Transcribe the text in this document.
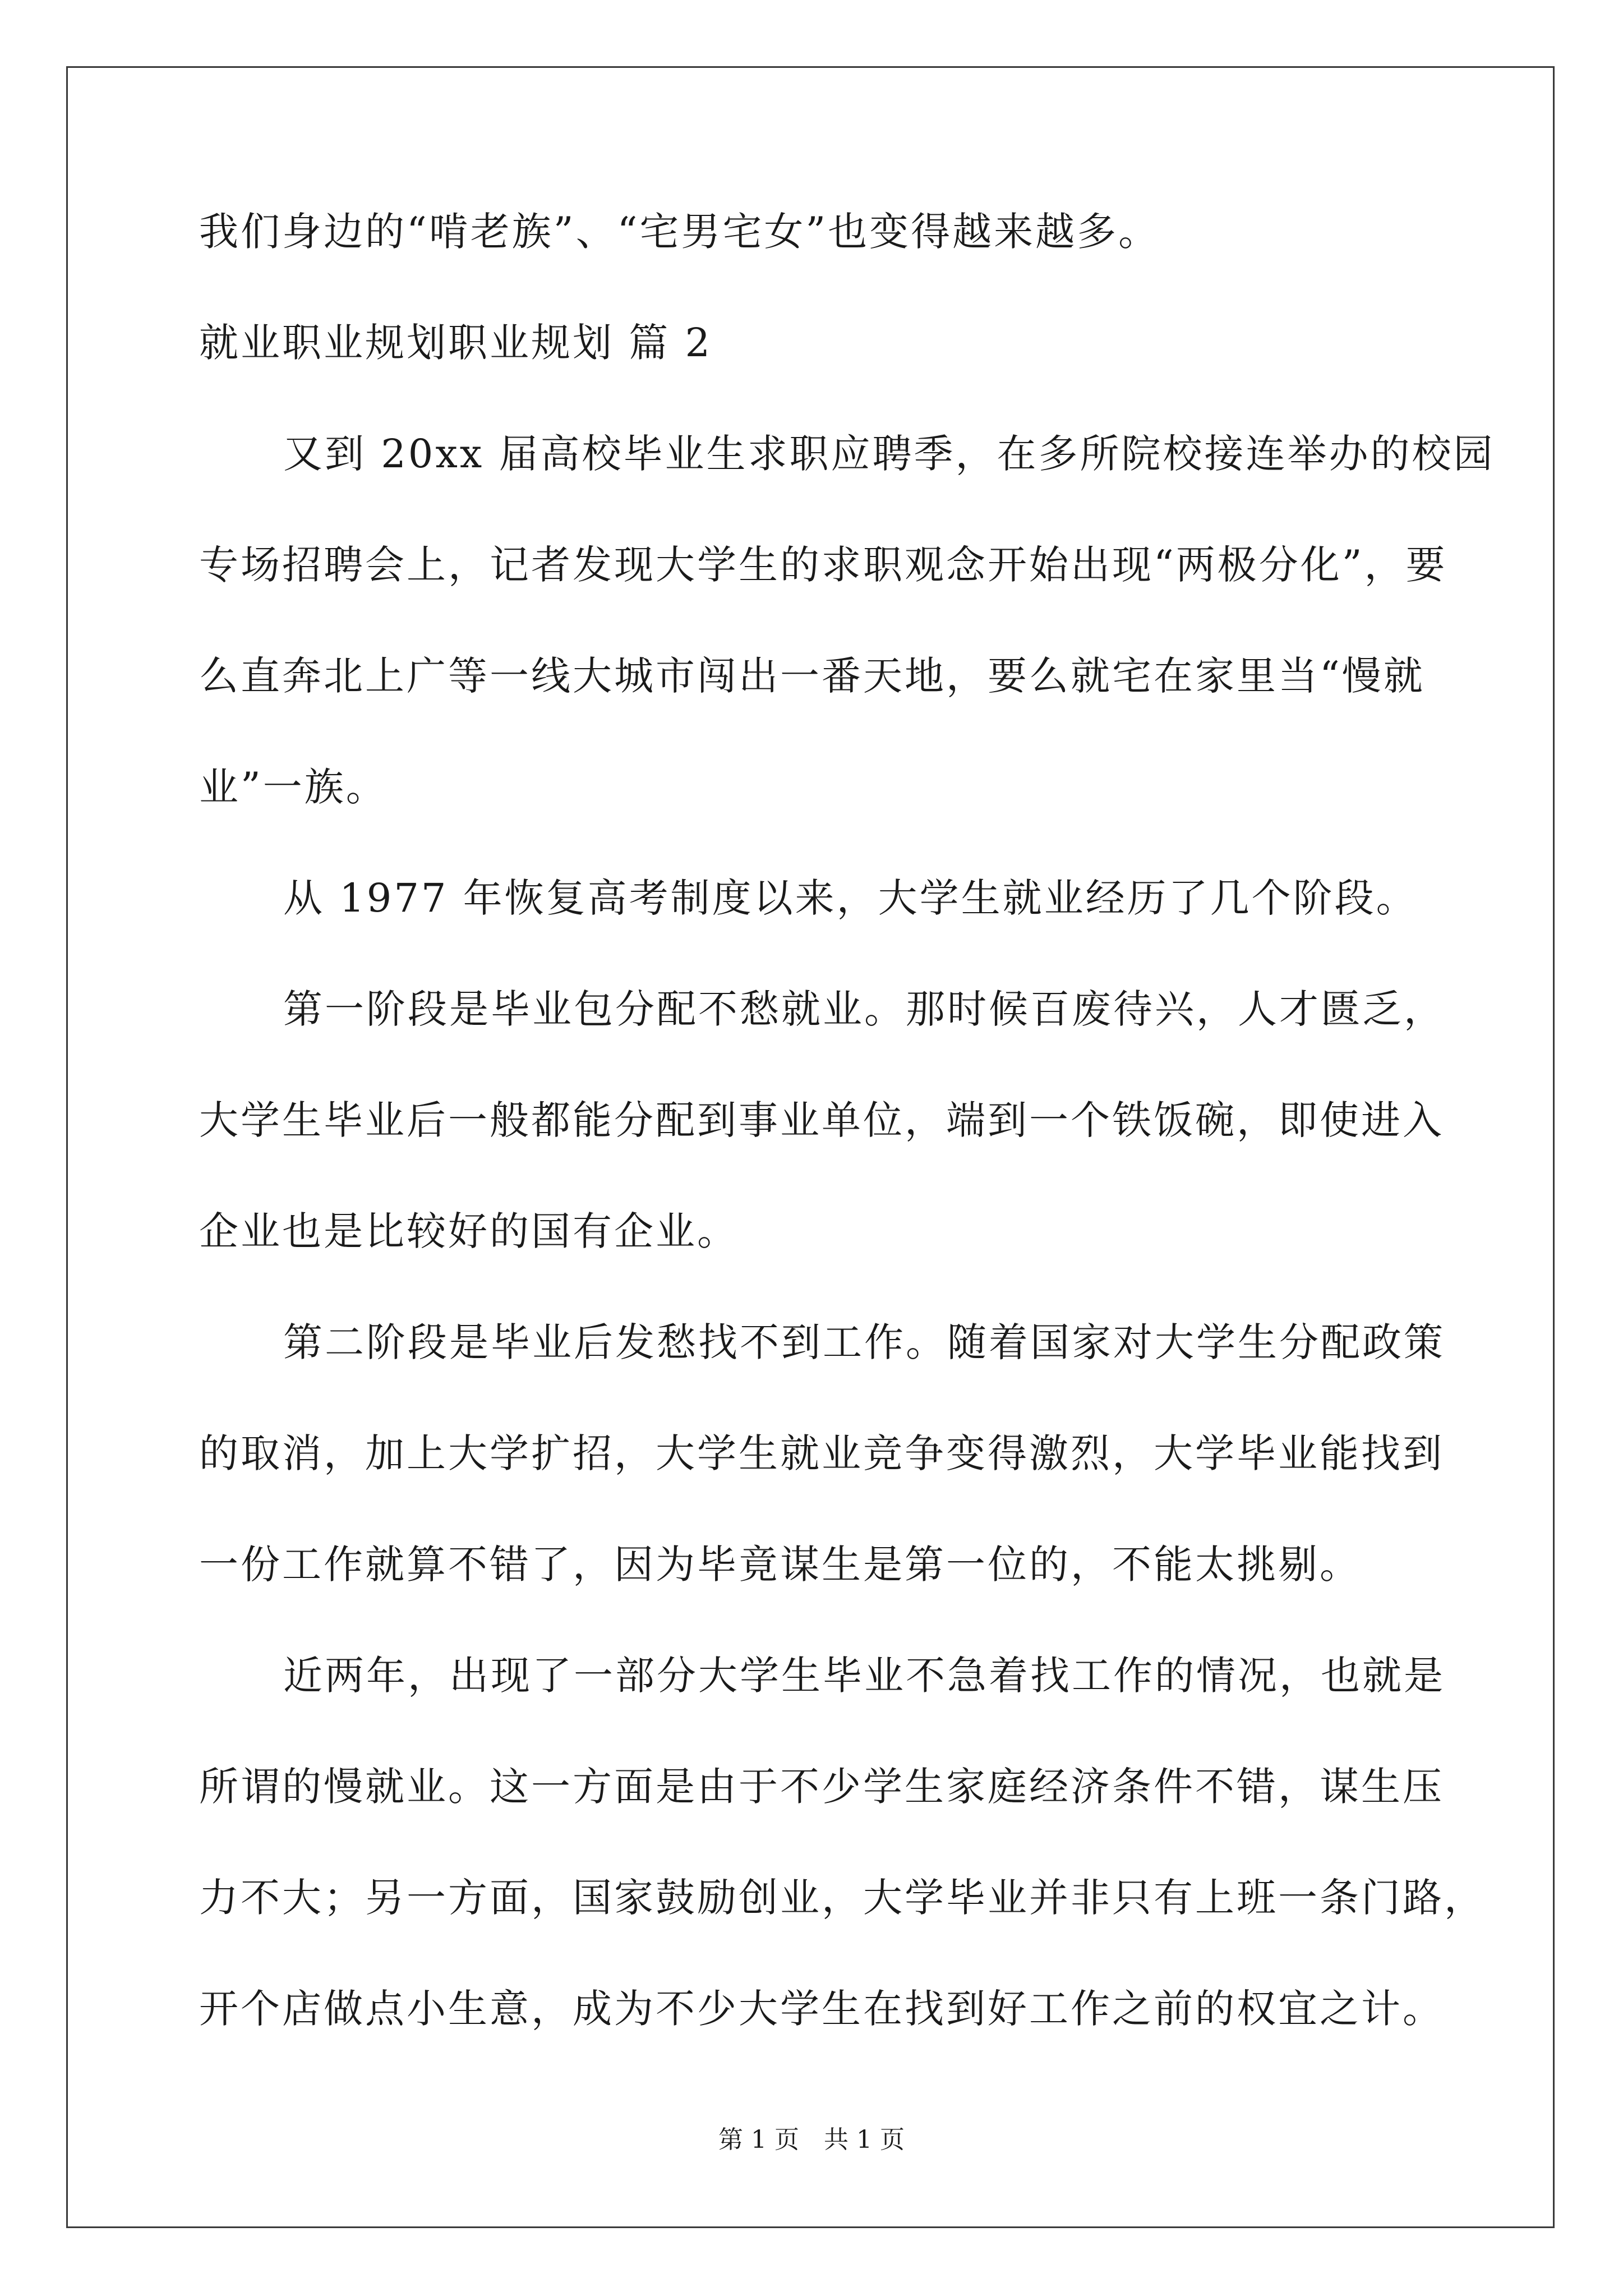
我们身边的“啃老族”、“宅男宅女”也变得越来越多。
就业职业规划职业规划 篇 2
又到 20xx 届高校毕业生求职应聘季，在多所院校接连举办的校园
专场招聘会上，记者发现大学生的求职观念开始出现“两极分化”，要
么直奔北上广等一线大城市闯出一番天地，要么就宅在家里当“慢就
业”一族。
从 1977 年恢复高考制度以来，大学生就业经历了几个阶段。
第一阶段是毕业包分配不愁就业。那时候百废待兴，人才匮乏，
大学生毕业后一般都能分配到事业单位，端到一个铁饭碗，即使进入
企业也是比较好的国有企业。
第二阶段是毕业后发愁找不到工作。随着国家对大学生分配政策
的取消，加上大学扩招，大学生就业竞争变得激烈，大学毕业能找到
一份工作就算不错了，因为毕竟谋生是第一位的，不能太挑剔。
近两年，出现了一部分大学生毕业不急着找工作的情况，也就是
所谓的慢就业。这一方面是由于不少学生家庭经济条件不错，谋生压
力不大；另一方面，国家鼓励创业，大学毕业并非只有上班一条门路，
开个店做点小生意，成为不少大学生在找到好工作之前的权宜之计。
第 1 页　共 1 页
